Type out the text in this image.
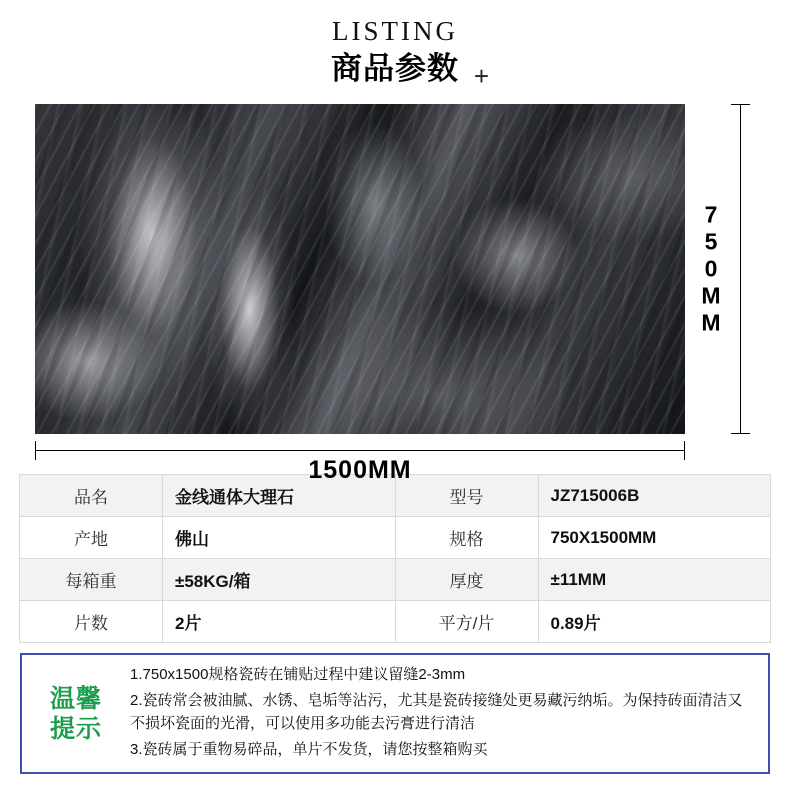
LISTING
商品参数 +
750MM
1500MM
品名	金线通体大理石	型号	JZ715006B
产地	佛山	规格	750X1500MM
每箱重	±58KG/箱	厚度	±11MM
片数	2片	平方/片	0.89片
温馨
提示

1.750x1500规格瓷砖在铺贴过程中建议留缝2-3mm

2.瓷砖常会被油腻、水锈、皂垢等沾污，尤其是瓷砖接缝处更易藏污纳垢。为保持砖面清洁又不损坏瓷面的光滑，可以使用多功能去污膏进行清洁

3.瓷砖属于重物易碎品，单片不发货，请您按整箱购买
